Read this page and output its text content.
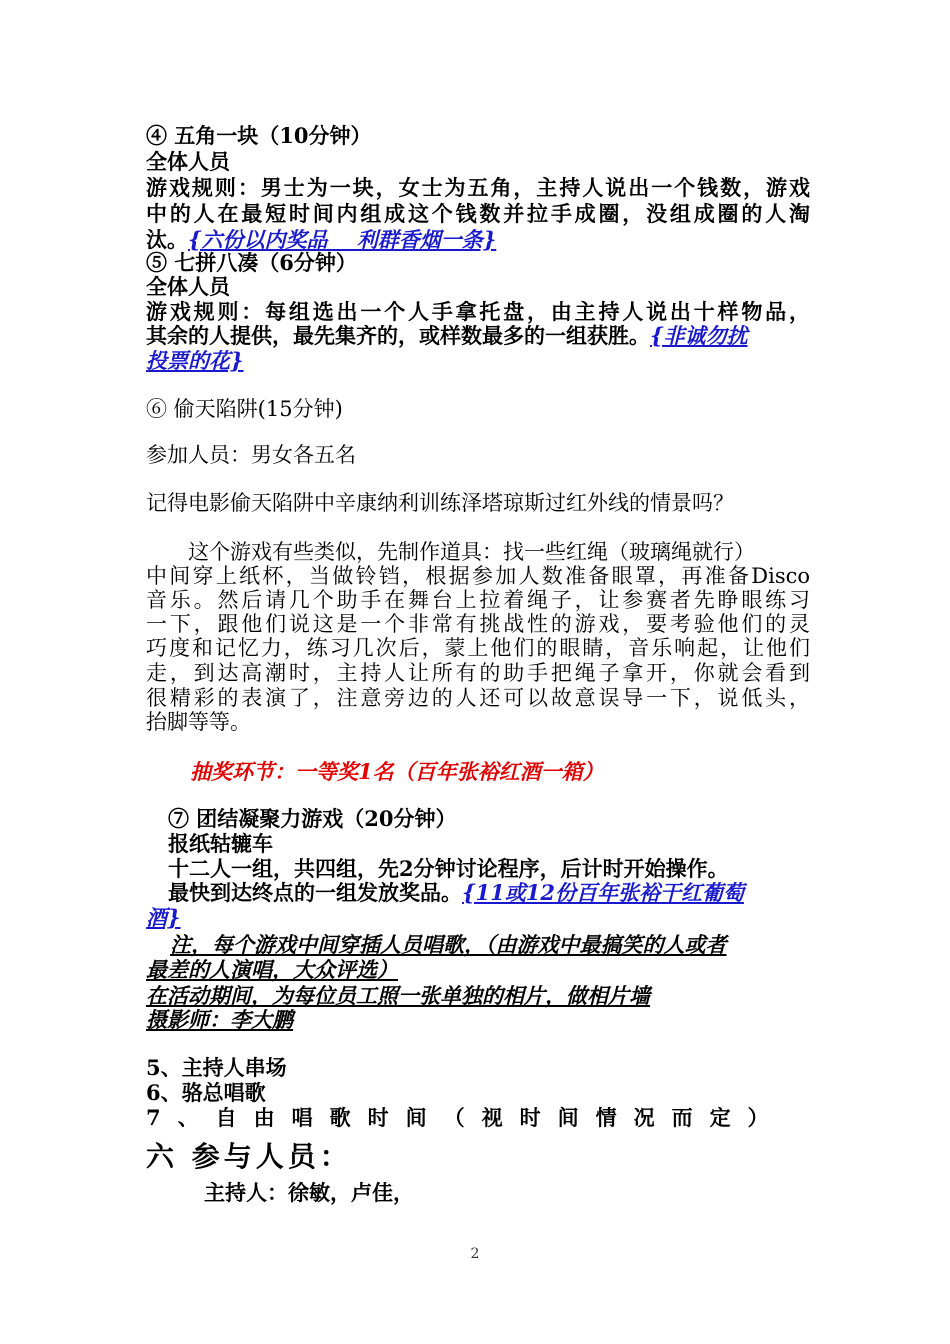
④ 五角一块（10分钟）
全体人员
游戏规则：男士为一块，女士为五角，主持人说出一个钱数，游戏
中的人在最短时间内组成这个钱数并拉手成圈，没组成圈的人淘
汰。{六份以内奖品    利群香烟一条}
⑤ 七拼八凑（6分钟）
全体人员
游戏规则：每组选出一个人手拿托盘，由主持人说出十样物品，
其余的人提供，最先集齐的，或样数最多的一组获胜。{非诚勿扰
投票的花}
⑥ 偷天陷阱(15分钟)
参加人员：男女各五名
记得电影偷天陷阱中辛康纳利训练泽塔琼斯过红外线的情景吗？
这个游戏有些类似，先制作道具：找一些红绳（玻璃绳就行）
中间穿上纸杯，当做铃铛，根据参加人数准备眼罩，再准备Disco
音乐。然后请几个助手在舞台上拉着绳子，让参赛者先睁眼练习
一下，跟他们说这是一个非常有挑战性的游戏，要考验他们的灵
巧度和记忆力，练习几次后，蒙上他们的眼睛，音乐响起，让他们
走，到达高潮时，主持人让所有的助手把绳子拿开，你就会看到
很精彩的表演了，注意旁边的人还可以故意误导一下，说低头，
抬脚等等。
抽奖环节：一等奖1名（百年张裕红酒一箱）
⑦ 团结凝聚力游戏（20分钟）
报纸轱辘车
十二人一组，共四组，先2分钟讨论程序，后计时开始操作。
最快到达终点的一组发放奖品。{11或12份百年张裕干红葡萄
酒}
注，每个游戏中间穿插人员唱歌，（由游戏中最搞笑的人或者
最差的人演唱，大众评选）
在活动期间，为每位员工照一张单独的相片，做相片墙
摄影师：李大鹏
5、主持人串场
6、骆总唱歌
7、自由唱歌时间（视时间情况而定）
六 参与人员：
主持人：徐敏，卢佳，
2
